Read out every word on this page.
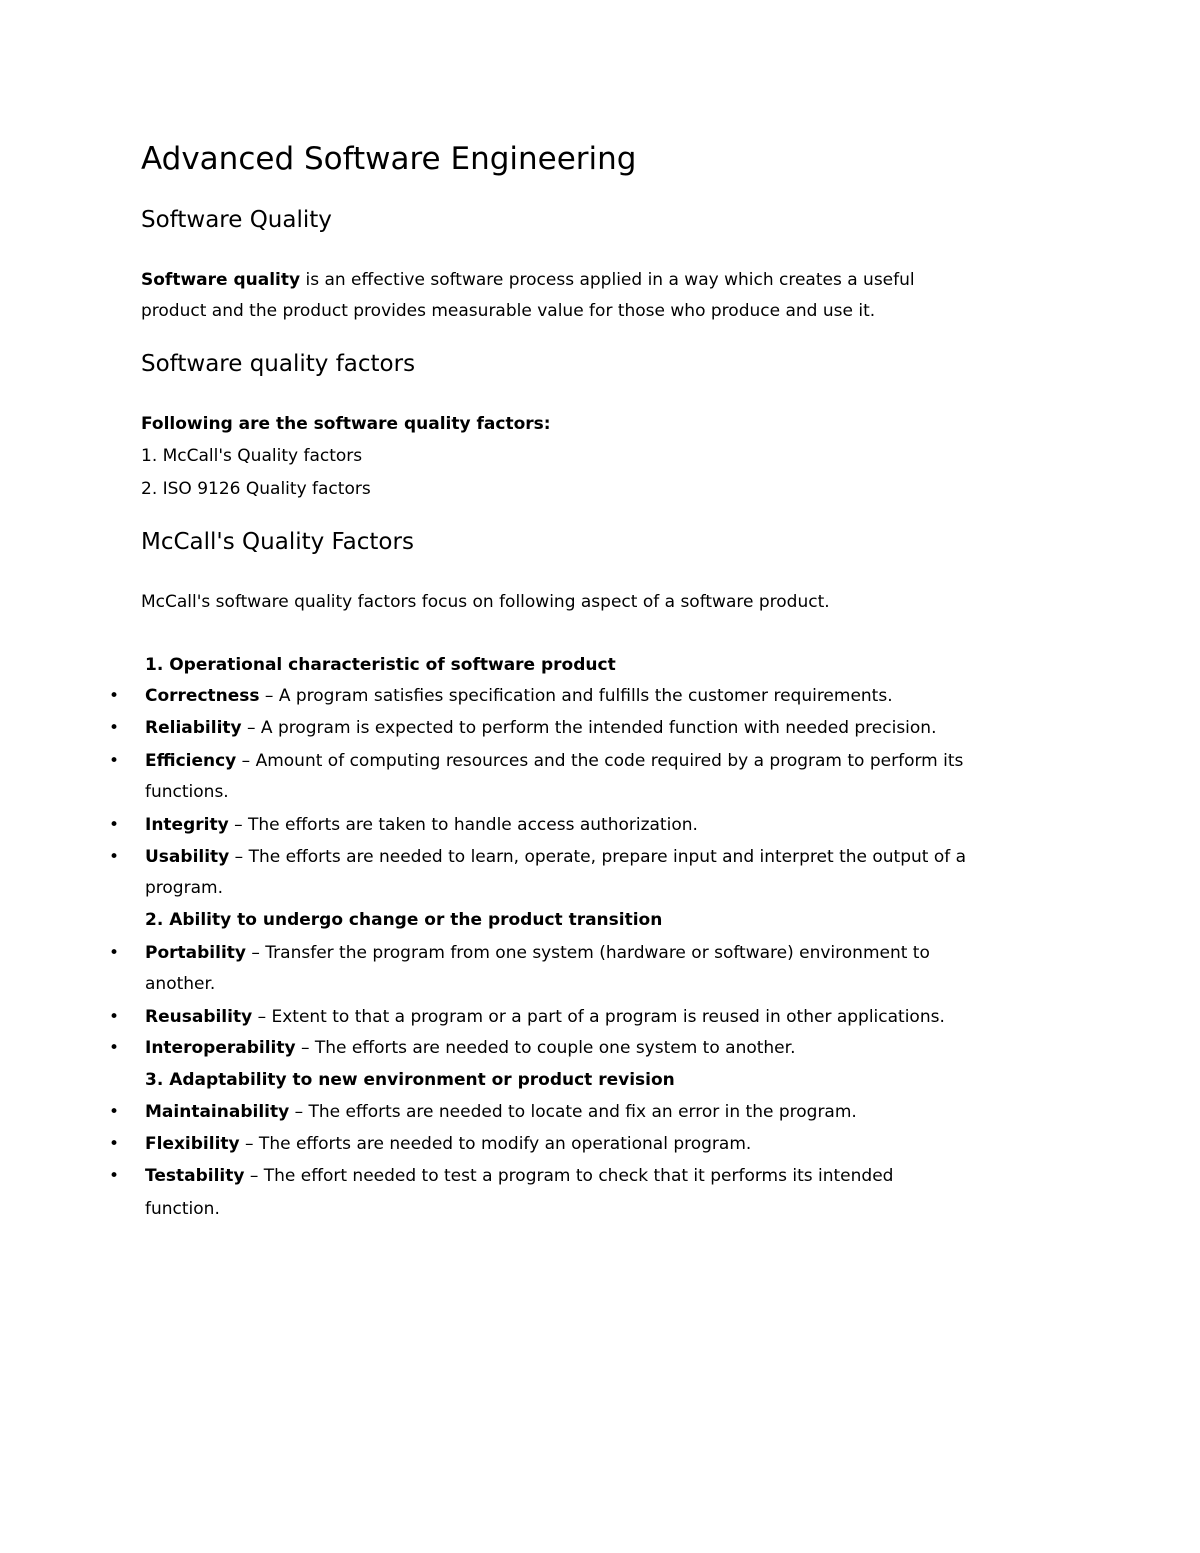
Advanced Software Engineering
Software Quality
Software quality is an effective software process applied in a way which creates a useful
product and the product provides measurable value for those who produce and use it.
Software quality factors
Following are the software quality factors:
1. McCall's Quality factors
2. ISO 9126 Quality factors
McCall's Quality Factors
McCall's software quality factors focus on following aspect of a software product.
1. Operational characteristic of software product
• Correctness – A program satisfies specification and fulfills the customer requirements.
• Reliability – A program is expected to perform the intended function with needed precision.
• Efficiency – Amount of computing resources and the code required by a program to perform its
functions.
• Integrity – The efforts are taken to handle access authorization.
• Usability – The efforts are needed to learn, operate, prepare input and interpret the output of a
program.
2. Ability to undergo change or the product transition
• Portability – Transfer the program from one system (hardware or software) environment to
another.
• Reusability – Extent to that a program or a part of a program is reused in other applications.
• Interoperability – The efforts are needed to couple one system to another.
3. Adaptability to new environment or product revision
• Maintainability – The efforts are needed to locate and fix an error in the program.
• Flexibility – The efforts are needed to modify an operational program.
• Testability – The effort needed to test a program to check that it performs its intended
function.
